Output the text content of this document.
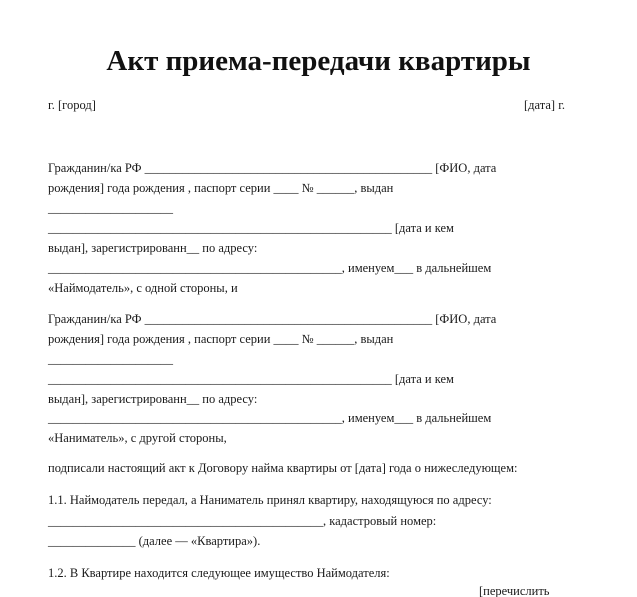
Акт приема-передачи квартиры
г. [город]	[дата] г.
Гражданин/ка РФ ______________________________________________ [ФИО, дата
рождения] года рождения , паспорт серии ____ № ______, выдан
____________________
_______________________________________________________ [дата и кем
выдан], зарегистрированн__ по адресу:
_______________________________________________, именуем___ в дальнейшем
«Наймодатель», с одной стороны, и
Гражданин/ка РФ ______________________________________________ [ФИО, дата
рождения] года рождения , паспорт серии ____ № ______, выдан
____________________
_______________________________________________________ [дата и кем
выдан], зарегистрированн__ по адресу:
_______________________________________________, именуем___ в дальнейшем
«Наниматель», с другой стороны,
подписали настоящий акт к Договору найма квартиры от [дата] года о нижеследующем:
1.1. Наймодатель передал, а Наниматель принял квартиру, находящуюся по адресу:
____________________________________________, кадастровый номер:
______________ (далее — «Квартира»).
1.2. В Квартире находится следующее имущество Наймодателя:
[перечислить
